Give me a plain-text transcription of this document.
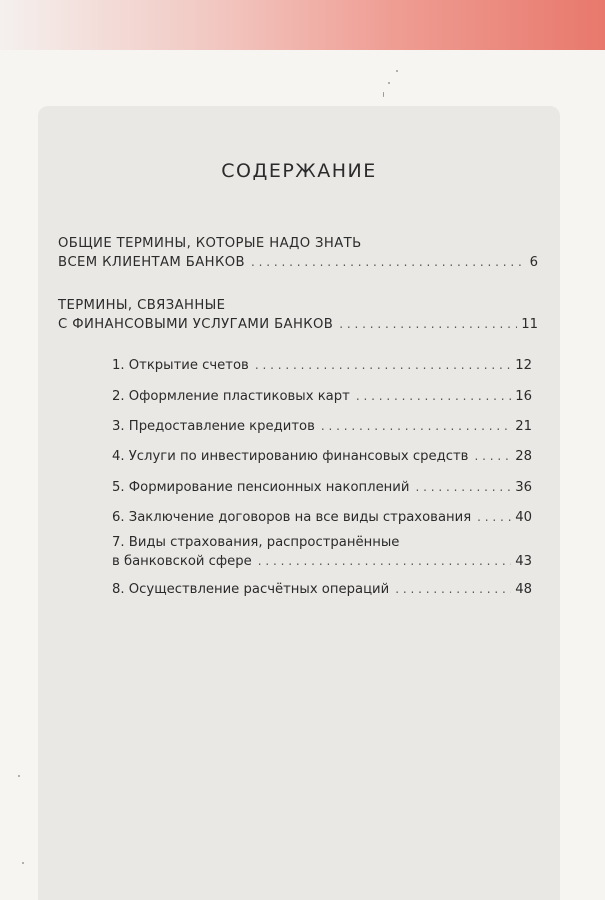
СОДЕРЖАНИЕ
ОБЩИЕ ТЕРМИНЫ, КОТОРЫЕ НАДО ЗНАТЬ
ВСЕМ КЛИЕНТАМ БАНКОВ . . .	6
ТЕРМИНЫ, СВЯЗАННЫЕ
С ФИНАНСОВЫМИ УСЛУГАМИ БАНКОВ . . .	11
1. Открытие счетов . . .	12
2. Оформление пластиковых карт . . .	16
3. Предоставление кредитов . . .	21
4. Услуги по инвестированию финансовых средств . . .	28
5. Формирование пенсионных накоплений . . .	36
6. Заключение договоров на все виды страхования . . .	40
7. Виды страхования, распространённые
в банковской сфере . . .	43
8. Осуществление расчётных операций . . .	48
